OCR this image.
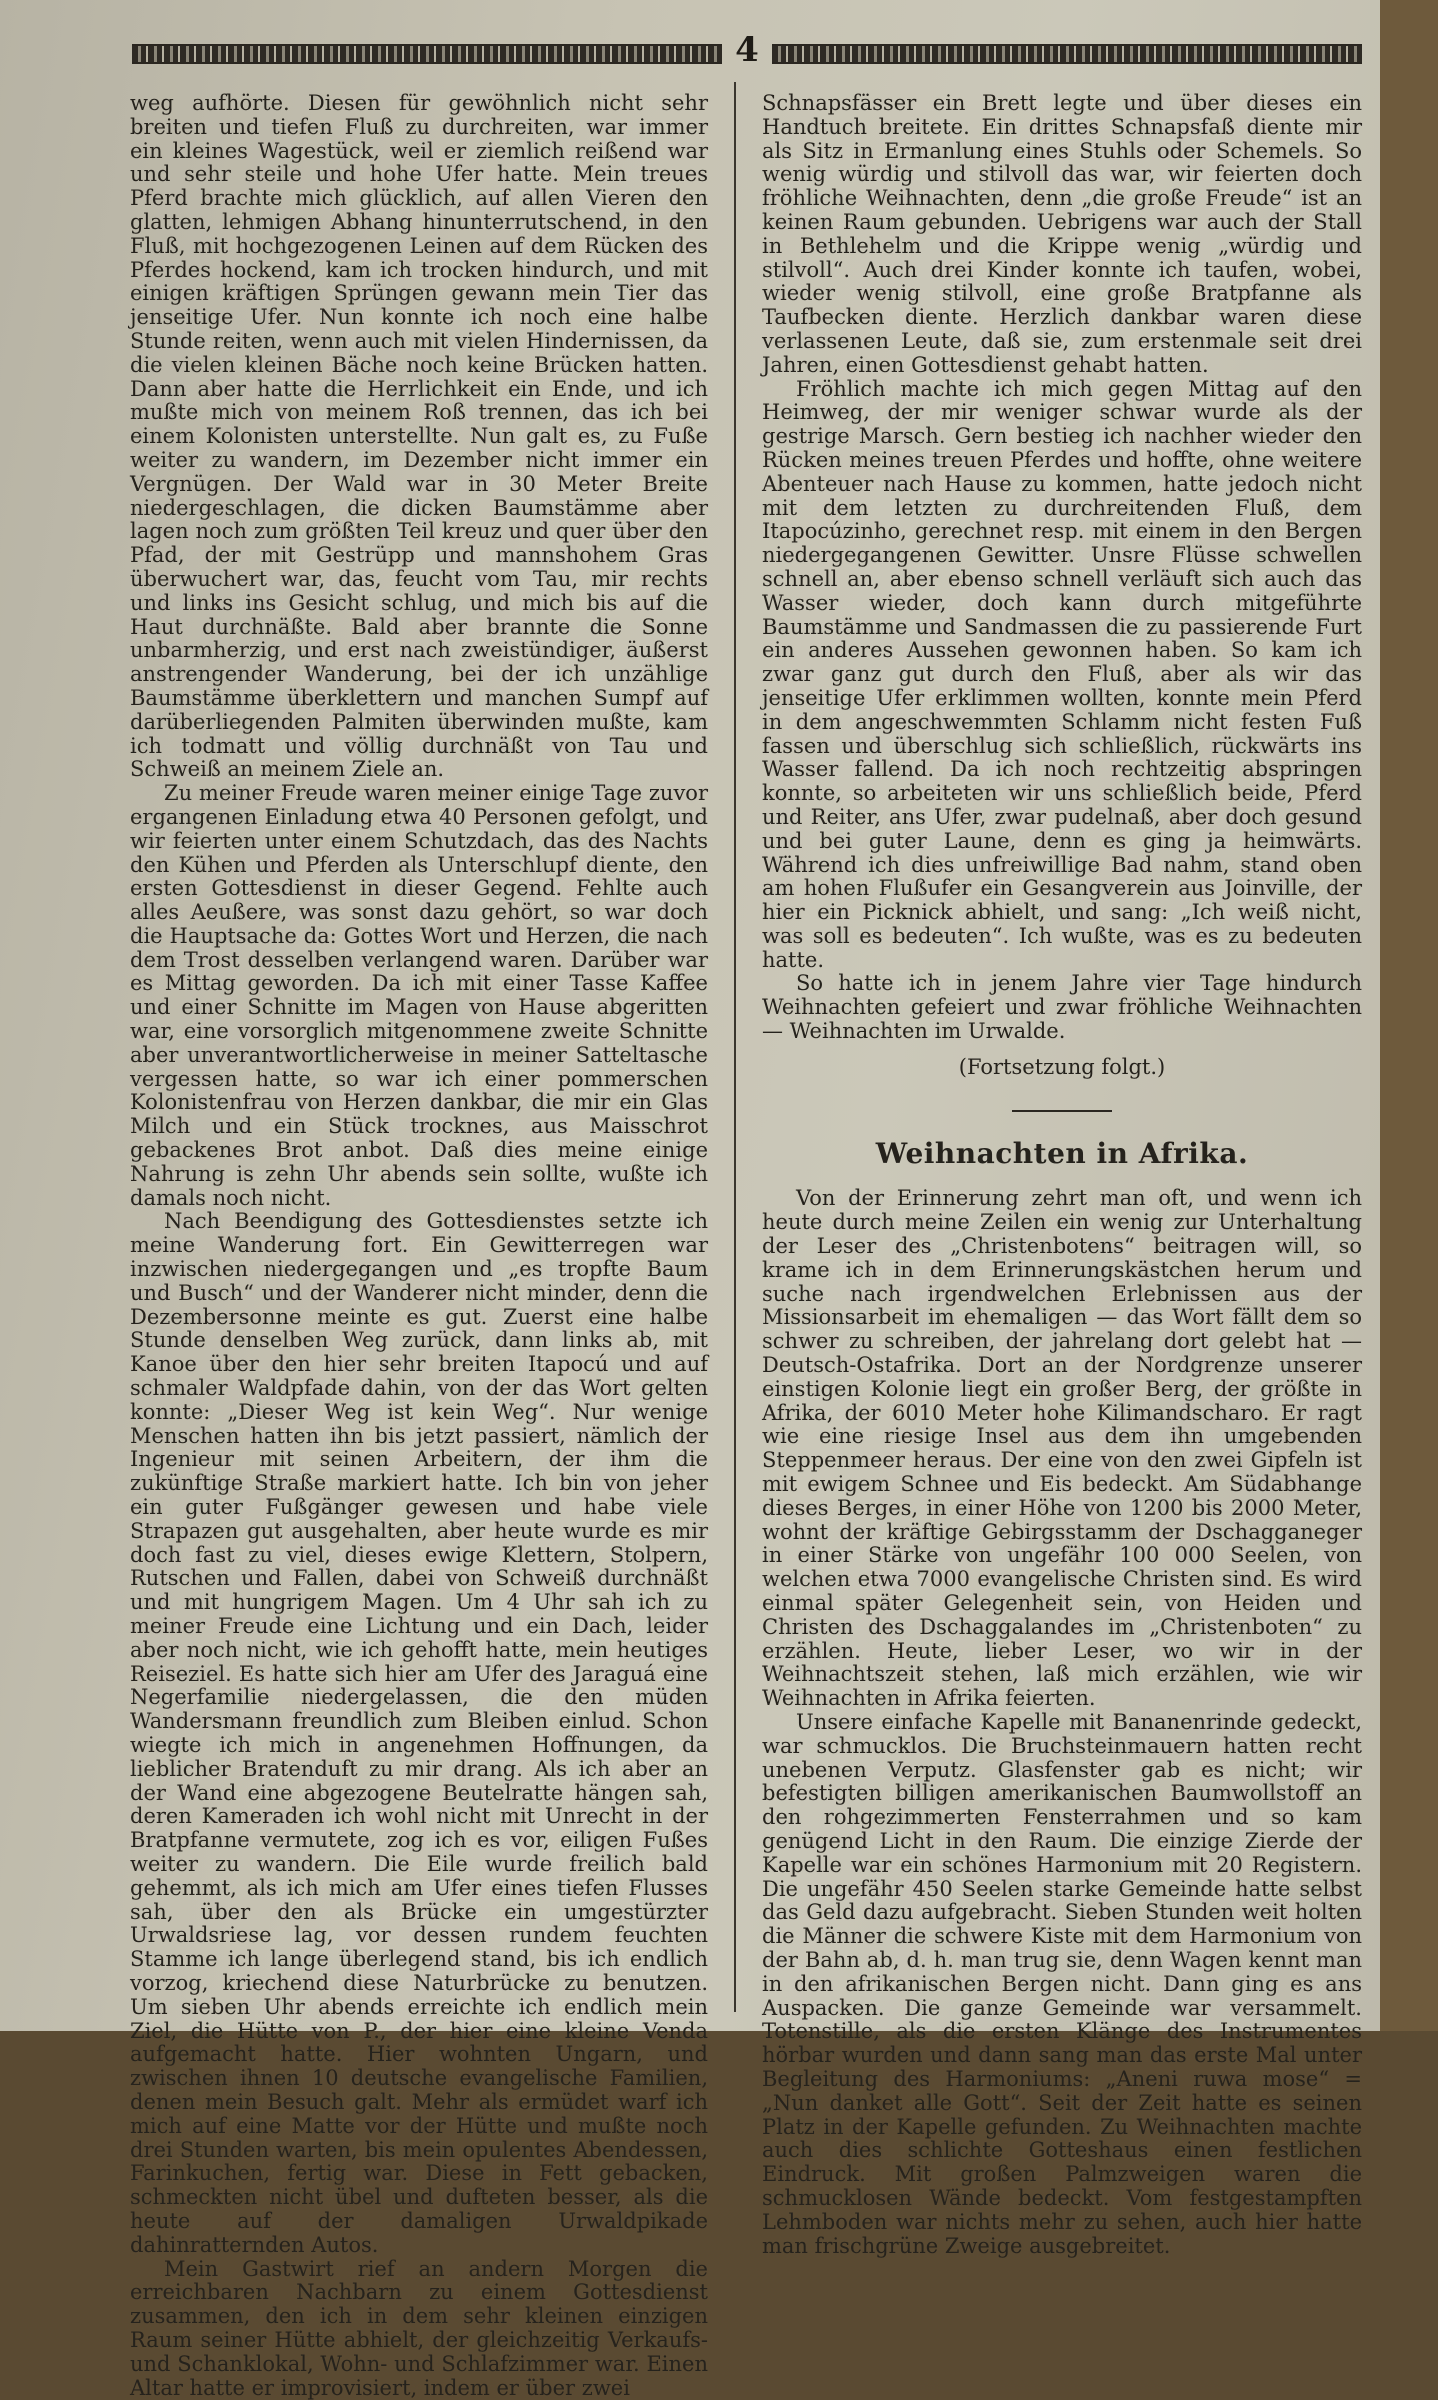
4

weg aufhörte. Diesen für gewöhnlich nicht sehr breiten und tiefen Fluß zu durchreiten, war immer ein kleines Wagestück, weil er ziemlich reißend war und sehr steile und hohe Ufer hatte. Mein treues Pferd brachte mich glücklich, auf allen Vieren den glatten, lehmigen Abhang hinunterrutschend, in den Fluß, mit hochgezogenen Leinen auf dem Rücken des Pferdes hockend, kam ich trocken hindurch, und mit einigen kräftigen Sprüngen gewann mein Tier das jenseitige Ufer. Nun konnte ich noch eine halbe Stunde reiten, wenn auch mit vielen Hindernissen, da die vielen kleinen Bäche noch keine Brücken hatten. Dann aber hatte die Herrlichkeit ein Ende, und ich mußte mich von meinem Roß trennen, das ich bei einem Kolonisten unterstellte. Nun galt es, zu Fuße weiter zu wandern, im Dezember nicht immer ein Vergnügen. Der Wald war in 30 Meter Breite niedergeschlagen, die dicken Baumstämme aber lagen noch zum größten Teil kreuz und quer über den Pfad, der mit Gestrüpp und mannshohem Gras überwuchert war, das, feucht vom Tau, mir rechts und links ins Gesicht schlug, und mich bis auf die Haut durchnäßte. Bald aber brannte die Sonne unbarmherzig, und erst nach zweistündiger, äußerst anstrengender Wanderung, bei der ich unzählige Baumstämme überklettern und manchen Sumpf auf darüberliegenden Palmiten überwinden mußte, kam ich todmatt und völlig durchnäßt von Tau und Schweiß an meinem Ziele an.

Zu meiner Freude waren meiner einige Tage zuvor ergangenen Einladung etwa 40 Personen gefolgt, und wir feierten unter einem Schutzdach, das des Nachts den Kühen und Pferden als Unterschlupf diente, den ersten Gottesdienst in dieser Gegend. Fehlte auch alles Aeußere, was sonst dazu gehört, so war doch die Hauptsache da: Gottes Wort und Herzen, die nach dem Trost desselben verlangend waren. Darüber war es Mittag geworden. Da ich mit einer Tasse Kaffee und einer Schnitte im Magen von Hause abgeritten war, eine vorsorglich mitgenommene zweite Schnitte aber unverantwortlicherweise in meiner Satteltasche vergessen hatte, so war ich einer pommerschen Kolonistenfrau von Herzen dankbar, die mir ein Glas Milch und ein Stück trocknes, aus Maisschrot gebackenes Brot anbot. Daß dies meine einige Nahrung is zehn Uhr abends sein sollte, wußte ich damals noch nicht.

Nach Beendigung des Gottesdienstes setzte ich meine Wanderung fort. Ein Gewitterregen war inzwischen niedergegangen und „es tropfte Baum und Busch“ und der Wanderer nicht minder, denn die Dezembersonne meinte es gut. Zuerst eine halbe Stunde denselben Weg zurück, dann links ab, mit Kanoe über den hier sehr breiten Itapocú und auf schmaler Waldpfade dahin, von der das Wort gelten konnte: „Dieser Weg ist kein Weg“. Nur wenige Menschen hatten ihn bis jetzt passiert, nämlich der Ingenieur mit seinen Arbeitern, der ihm die zukünftige Straße markiert hatte. Ich bin von jeher ein guter Fußgänger gewesen und habe viele Strapazen gut ausgehalten, aber heute wurde es mir doch fast zu viel, dieses ewige Klettern, Stolpern, Rutschen und Fallen, dabei von Schweiß durchnäßt und mit hungrigem Magen. Um 4 Uhr sah ich zu meiner Freude eine Lichtung und ein Dach, leider aber noch nicht, wie ich gehofft hatte, mein heutiges Reiseziel. Es hatte sich hier am Ufer des Jaraguá eine Negerfamilie niedergelassen, die den müden Wandersmann freundlich zum Bleiben einlud. Schon wiegte ich mich in angenehmen Hoffnungen, da lieblicher Bratenduft zu mir drang. Als ich aber an der Wand eine abgezogene Beutelratte hängen sah, deren Kameraden ich wohl nicht mit Unrecht in der Bratpfanne vermutete, zog ich es vor, eiligen Fußes weiter zu wandern. Die Eile wurde freilich bald gehemmt, als ich mich am Ufer eines tiefen Flusses sah, über den als Brücke ein umgestürzter Urwaldsriese lag, vor dessen rundem feuchten Stamme ich lange überlegend stand, bis ich endlich vorzog, kriechend diese Naturbrücke zu benutzen. Um sieben Uhr abends erreichte ich endlich mein Ziel, die Hütte von P., der hier eine kleine Venda aufgemacht hatte. Hier wohnten Ungarn, und zwischen ihnen 10 deutsche evangelische Familien, denen mein Besuch galt. Mehr als ermüdet warf ich mich auf eine Matte vor der Hütte und mußte noch drei Stunden warten, bis mein opulentes Abendessen, Farinkuchen, fertig war. Diese in Fett gebacken, schmeckten nicht übel und dufteten besser, als die heute auf der damaligen Urwaldpikade dahinratternden Autos.

Mein Gastwirt rief an andern Morgen die erreichbaren Nachbarn zu einem Gottesdienst zusammen, den ich in dem sehr kleinen einzigen Raum seiner Hütte abhielt, der gleichzeitig Verkaufs- und Schanklokal, Wohn- und Schlafzimmer war. Einen Altar hatte er improvisiert, indem er über zwei

Schnapsfässer ein Brett legte und über dieses ein Handtuch breitete. Ein drittes Schnapsfaß diente mir als Sitz in Ermanlung eines Stuhls oder Schemels. So wenig würdig und stilvoll das war, wir feierten doch fröhliche Weihnachten, denn „die große Freude“ ist an keinen Raum gebunden. Uebrigens war auch der Stall in Bethlehelm und die Krippe wenig „würdig und stilvoll“. Auch drei Kinder konnte ich taufen, wobei, wieder wenig stilvoll, eine große Bratpfanne als Taufbecken diente. Herzlich dankbar waren diese verlassenen Leute, daß sie, zum erstenmale seit drei Jahren, einen Gottesdienst gehabt hatten.

Fröhlich machte ich mich gegen Mittag auf den Heimweg, der mir weniger schwar wurde als der gestrige Marsch. Gern bestieg ich nachher wieder den Rücken meines treuen Pferdes und hoffte, ohne weitere Abenteuer nach Hause zu kommen, hatte jedoch nicht mit dem letzten zu durchreitenden Fluß, dem Itapocúzinho, gerechnet resp. mit einem in den Bergen niedergegangenen Gewitter. Unsre Flüsse schwellen schnell an, aber ebenso schnell verläuft sich auch das Wasser wieder, doch kann durch mitgeführte Baumstämme und Sandmassen die zu passierende Furt ein anderes Aussehen gewonnen haben. So kam ich zwar ganz gut durch den Fluß, aber als wir das jenseitige Ufer erklimmen wollten, konnte mein Pferd in dem angeschwemmten Schlamm nicht festen Fuß fassen und überschlug sich schließlich, rückwärts ins Wasser fallend. Da ich noch rechtzeitig abspringen konnte, so arbeiteten wir uns schließlich beide, Pferd und Reiter, ans Ufer, zwar pudelnaß, aber doch gesund und bei guter Laune, denn es ging ja heimwärts. Während ich dies unfreiwillige Bad nahm, stand oben am hohen Flußufer ein Gesangverein aus Joinville, der hier ein Picknick abhielt, und sang: „Ich weiß nicht, was soll es bedeuten“. Ich wußte, was es zu bedeuten hatte.

So hatte ich in jenem Jahre vier Tage hindurch Weihnachten gefeiert und zwar fröhliche Weihnachten — Weihnachten im Urwalde.

(Fortsetzung folgt.)
Weihnachten in Afrika.

Von der Erinnerung zehrt man oft, und wenn ich heute durch meine Zeilen ein wenig zur Unterhaltung der Leser des „Christenbotens“ beitragen will, so krame ich in dem Erinnerungskästchen herum und suche nach irgendwelchen Erlebnissen aus der Missionsarbeit im ehemaligen — das Wort fällt dem so schwer zu schreiben, der jahrelang dort gelebt hat — Deutsch-Ostafrika. Dort an der Nordgrenze unserer einstigen Kolonie liegt ein großer Berg, der größte in Afrika, der 6010 Meter hohe Kilimandscharo. Er ragt wie eine riesige Insel aus dem ihn umgebenden Steppenmeer heraus. Der eine von den zwei Gipfeln ist mit ewigem Schnee und Eis bedeckt. Am Südabhange dieses Berges, in einer Höhe von 1200 bis 2000 Meter, wohnt der kräftige Gebirgsstamm der Dschagganeger in einer Stärke von ungefähr 100 000 Seelen, von welchen etwa 7000 evangelische Christen sind. Es wird einmal später Gelegenheit sein, von Heiden und Christen des Dschaggalandes im „Christenboten“ zu erzählen. Heute, lieber Leser, wo wir in der Weihnachtszeit stehen, laß mich erzählen, wie wir Weihnachten in Afrika feierten.

Unsere einfache Kapelle mit Bananenrinde gedeckt, war schmucklos. Die Bruchsteinmauern hatten recht unebenen Verputz. Glasfenster gab es nicht; wir befestigten billigen amerikanischen Baumwollstoff an den rohgezimmerten Fensterrahmen und so kam genügend Licht in den Raum. Die einzige Zierde der Kapelle war ein schönes Harmonium mit 20 Registern. Die ungefähr 450 Seelen starke Gemeinde hatte selbst das Geld dazu aufgebracht. Sieben Stunden weit holten die Männer die schwere Kiste mit dem Harmonium von der Bahn ab, d. h. man trug sie, denn Wagen kennt man in den afrikanischen Bergen nicht. Dann ging es ans Auspacken. Die ganze Gemeinde war versammelt. Totenstille, als die ersten Klänge des Instrumentes hörbar wurden und dann sang man das erste Mal unter Begleitung des Harmoniums: „Aneni ruwa mose“ = „Nun danket alle Gott“. Seit der Zeit hatte es seinen Platz in der Kapelle gefunden. Zu Weihnachten machte auch dies schlichte Gotteshaus einen festlichen Eindruck. Mit großen Palmzweigen waren die schmucklosen Wände bedeckt. Vom festgestampften Lehmboden war nichts mehr zu sehen, auch hier hatte man frischgrüne Zweige ausgebreitet.
